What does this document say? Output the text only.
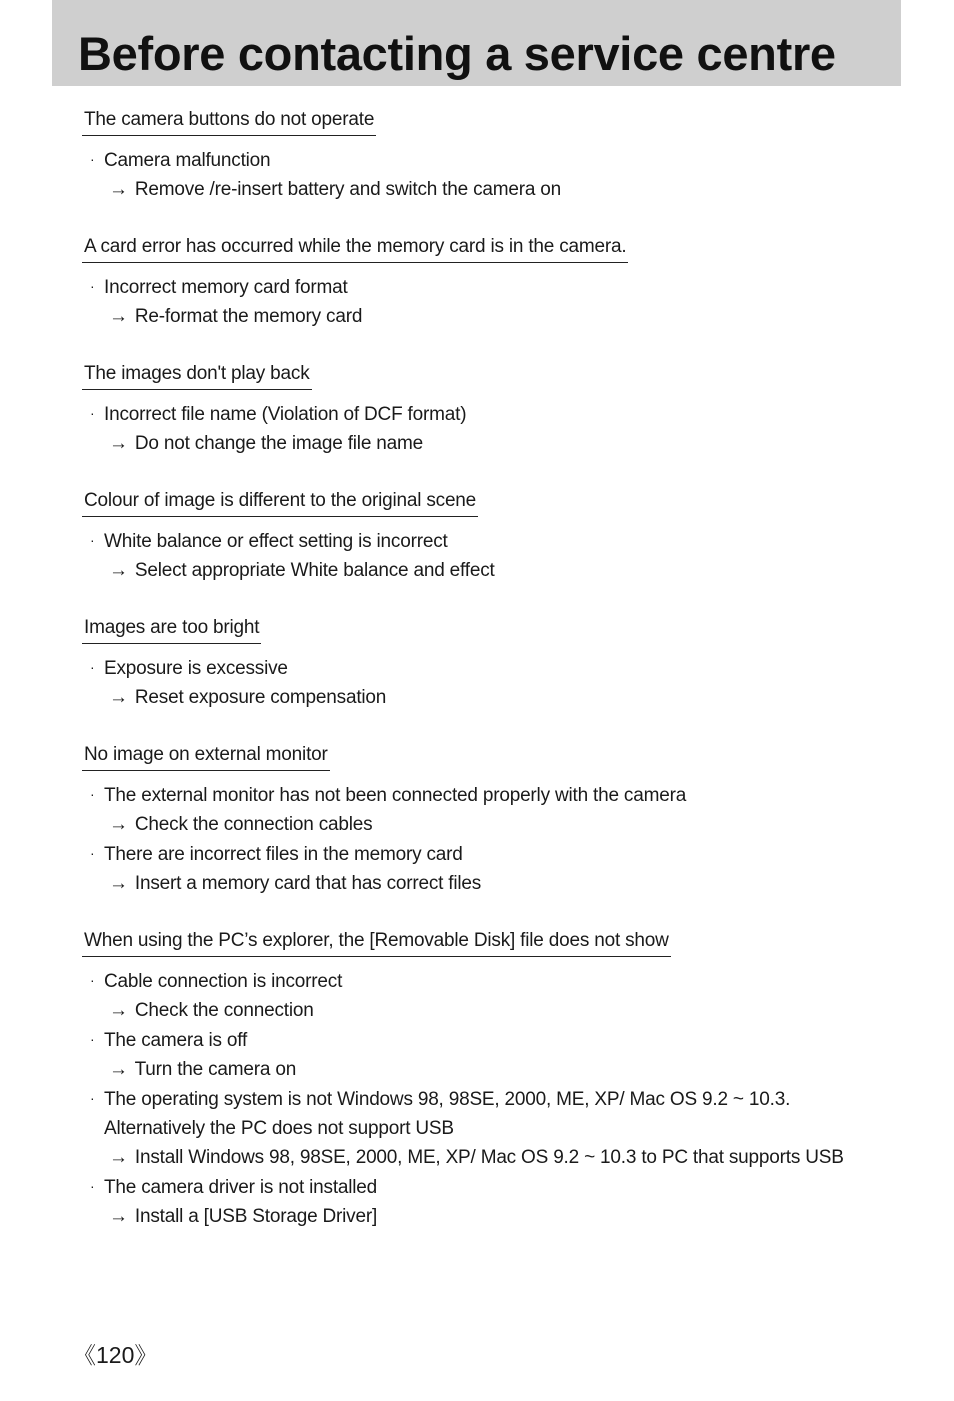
Before contacting a service centre
The camera buttons do not operate
· Camera malfunction
→ Remove /re-insert battery and switch the camera on
A card error has occurred while the memory card is in the camera.
· Incorrect memory card format
→ Re-format the memory card
The images don't play back
· Incorrect file name (Violation of DCF format)
→ Do not change the image file name
Colour of image is different to the original scene
· White balance or effect setting is incorrect
→ Select appropriate White balance and effect
Images are too bright
· Exposure is excessive
→ Reset exposure compensation
No image on external monitor
· The external monitor has not been connected properly with the camera
→ Check the connection cables
· There are incorrect files in the memory card
→ Insert a memory card that has correct files
When using the PC’s explorer, the [Removable Disk] file does not show
· Cable connection is incorrect
→ Check the connection
· The camera is off
→ Turn the camera on
· The operating system is not Windows 98, 98SE, 2000, ME, XP/ Mac OS 9.2 ~ 10.3.
Alternatively the PC does not support USB
→ Install Windows 98, 98SE, 2000, ME, XP/ Mac OS 9.2 ~ 10.3 to PC that supports USB
· The camera driver is not installed
→ Install a [USB Storage Driver]
《120》
